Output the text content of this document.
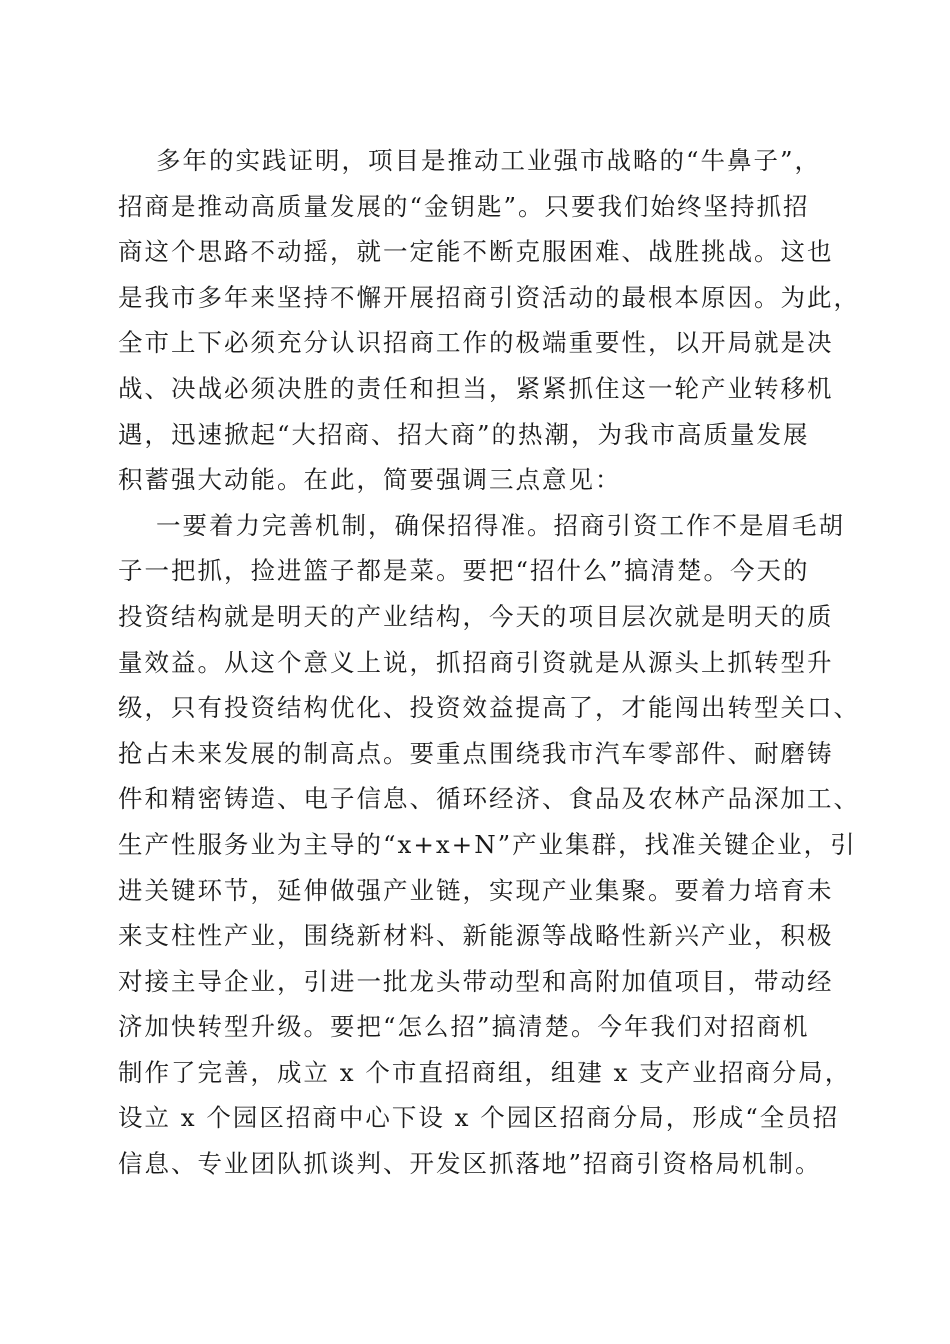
多年的实践证明，项目是推动工业强市战略的“牛鼻子”，
招商是推动高质量发展的“金钥匙”。只要我们始终坚持抓招
商这个思路不动摇，就一定能不断克服困难、战胜挑战。这也
是我市多年来坚持不懈开展招商引资活动的最根本原因。为此，
全市上下必须充分认识招商工作的极端重要性，以开局就是决
战、决战必须决胜的责任和担当，紧紧抓住这一轮产业转移机
遇，迅速掀起“大招商、招大商”的热潮，为我市高质量发展
积蓄强大动能。在此，简要强调三点意见：
一要着力完善机制，确保招得准。招商引资工作不是眉毛胡
子一把抓，捡进篮子都是菜。要把“招什么”搞清楚。今天的
投资结构就是明天的产业结构，今天的项目层次就是明天的质
量效益。从这个意义上说，抓招商引资就是从源头上抓转型升
级，只有投资结构优化、投资效益提高了，才能闯出转型关口、
抢占未来发展的制高点。要重点围绕我市汽车零部件、耐磨铸
件和精密铸造、电子信息、循环经济、食品及农林产品深加工、
生产性服务业为主导的“x+x+N”产业集群，找准关键企业，引
进关键环节，延伸做强产业链，实现产业集聚。要着力培育未
来支柱性产业，围绕新材料、新能源等战略性新兴产业，积极
对接主导企业，引进一批龙头带动型和高附加值项目，带动经
济加快转型升级。要把“怎么招”搞清楚。今年我们对招商机
制作了完善，成立 x 个市直招商组，组建 x 支产业招商分局，
设立 x 个园区招商中心下设 x 个园区招商分局，形成“全员招
信息、专业团队抓谈判、开发区抓落地”招商引资格局机制。
